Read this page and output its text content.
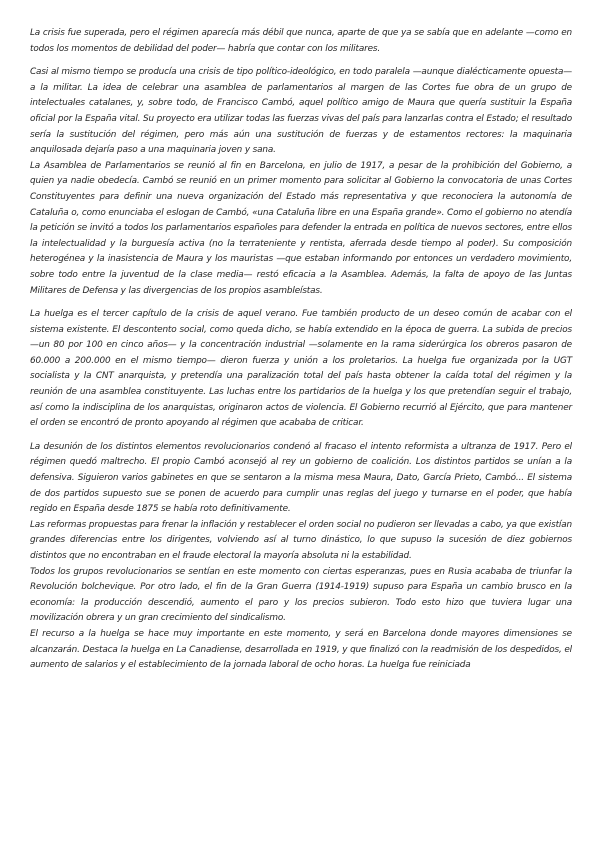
La crisis fue superada, pero el régimen aparecía más débil que nunca, aparte de que ya se sabía que en adelante —como en todos los momentos de debilidad del poder— habría que contar con los militares.

Casi al mismo tiempo se producía una crisis de tipo político-ideológico, en todo paralela —aunque dialécticamente opuesta— a la militar. La idea de celebrar una asamblea de parlamentarios al margen de las Cortes fue obra de un grupo de intelectuales catalanes, y, sobre todo, de Francisco Cambó, aquel político amigo de Maura que quería sustituir la España oficial por la España vital. Su proyecto era utilizar todas las fuerzas vivas del país para lanzarlas contra el Estado; el resultado sería la sustitución del régimen, pero más aún una sustitución de fuerzas y de estamentos rectores: la maquinaria anquilosada dejaría paso a una maquinaria joven y sana.

La Asamblea de Parlamentarios se reunió al fin en Barcelona, en julio de 1917, a pesar de la prohibición del Gobierno, a quien ya nadie obedecía. Cambó se reunió en un primer momento para solicitar al Gobierno la convocatoria de unas Cortes Constituyentes para definir una nueva organización del Estado más representativa y que reconociera la autonomía de Cataluña o, como enunciaba el eslogan de Cambó, «una Cataluña libre en una España grande». Como el gobierno no atendía la petición se invitó a todos los parlamentarios españoles para defender la entrada en política de nuevos sectores, entre ellos la intelectualidad y la burguesía activa (no la terrateniente y rentista, aferrada desde tiempo al poder). Su composición heterogénea y la inasistencia de Maura y los mauristas —que estaban informando por entonces un verdadero movimiento, sobre todo entre la juventud de la clase media— restó eficacia a la Asamblea. Además, la falta de apoyo de las Juntas Militares de Defensa y las divergencias de los propios asambleístas.

La huelga es el tercer capítulo de la crisis de aquel verano. Fue también producto de un deseo común de acabar con el sistema existente. El descontento social, como queda dicho, se había extendido en la época de guerra. La subida de precios —un 80 por 100 en cinco años— y la concentración industrial —solamente en la rama siderúrgica los obreros pasaron de 60.000 a 200.000 en el mismo tiempo— dieron fuerza y unión a los proletarios. La huelga fue organizada por la UGT socialista y la CNT anarquista, y pretendía una paralización total del país hasta obtener la caída total del régimen y la reunión de una asamblea constituyente. Las luchas entre los partidarios de la huelga y los que pretendían seguir el trabajo, así como la indisciplina de los anarquistas, originaron actos de violencia. El Gobierno recurrió al Ejército, que para mantener el orden se encontró de pronto apoyando al régimen que acababa de criticar.

La desunión de los distintos elementos revolucionarios condenó al fracaso el intento reformista a ultranza de 1917. Pero el régimen quedó maltrecho. El propio Cambó aconsejó al rey un gobierno de coalición. Los distintos partidos se unían a la defensiva. Siguieron varios gabinetes en que se sentaron a la misma mesa Maura, Dato, García Prieto, Cambó... El sistema de dos partidos supuesto sue se ponen de acuerdo para cumplir unas reglas del juego y turnarse en el poder, que había regido en España desde 1875 se había roto definitivamente.

Las reformas propuestas para frenar la inflación y restablecer el orden social no pudieron ser llevadas a cabo, ya que existían grandes diferencias entre los dirigentes, volviendo así al turno dinástico, lo que supuso la sucesión de diez gobiernos distintos que no encontraban en el fraude electoral la mayoría absoluta ni la estabilidad.

Todos los grupos revolucionarios se sentían en este momento con ciertas esperanzas, pues en Rusia acababa de triunfar la Revolución bolchevique. Por otro lado, el fin de la Gran Guerra (1914-1919) supuso para España un cambio brusco en la economía: la producción descendió, aumento el paro y los precios subieron. Todo esto hizo que tuviera lugar una movilización obrera y un gran crecimiento del sindicalismo.

El recurso a la huelga se hace muy importante en este momento, y será en Barcelona donde mayores dimensiones se alcanzarán. Destaca la huelga en La Canadiense, desarrollada en 1919, y que finalizó con la readmisión de los despedidos, el aumento de salarios y el establecimiento de la jornada laboral de ocho horas. La huelga fue reiniciada
